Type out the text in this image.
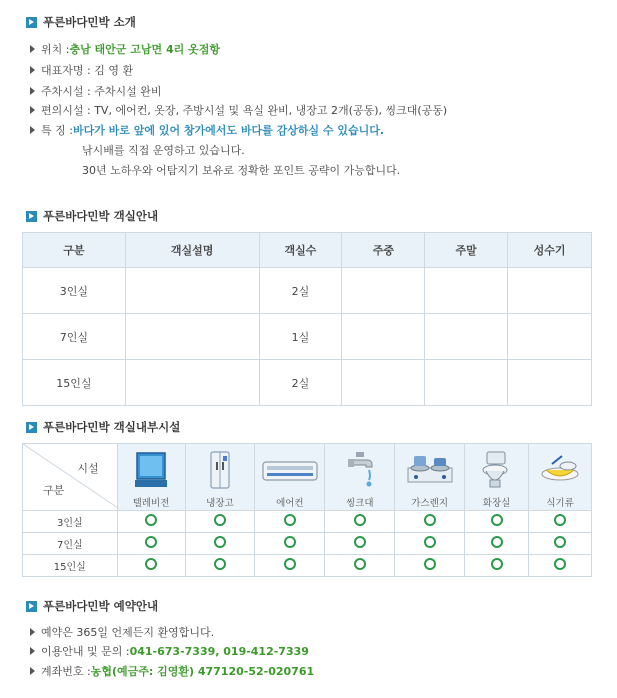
푸른바다민박 소개
위치 : 충남 태안군 고남면 4리 옷점항
대표자명 : 김 영 환
주차시설 : 주차시설 완비
편의시설 : TV, 에어컨, 옷장, 주방시설 및 욕실 완비, 냉장고 2개(공동), 씽크대(공동)
특 징 : 바다가 바로 앞에 있어 창가에서도 바다를 감상하실 수 있습니다.
낚시배를 직접 운영하고 있습니다.
30년 노하우와 어탐지기 보유로 정확한 포인트 공략이 가능합니다.
푸른바다민박 객실안내
구분	객실설명	객실수	주중	주말	성수기
3인실		2실			
7인실		1실			
15인실		2실			
푸른바다민박 객실내부시설
시설
구분	텔레비전	냉장고	에어컨	씽크대	가스렌지	화장실	식기류

3인실							
7인실							
15인실							
푸른바다민박 예약안내
예약은 365일 언제든지 환영합니다.
이용안내 및 문의 : 041-673-7339, 019-412-7339
계좌번호 : 농협(예금주: 김영환) 477120-52-020761
